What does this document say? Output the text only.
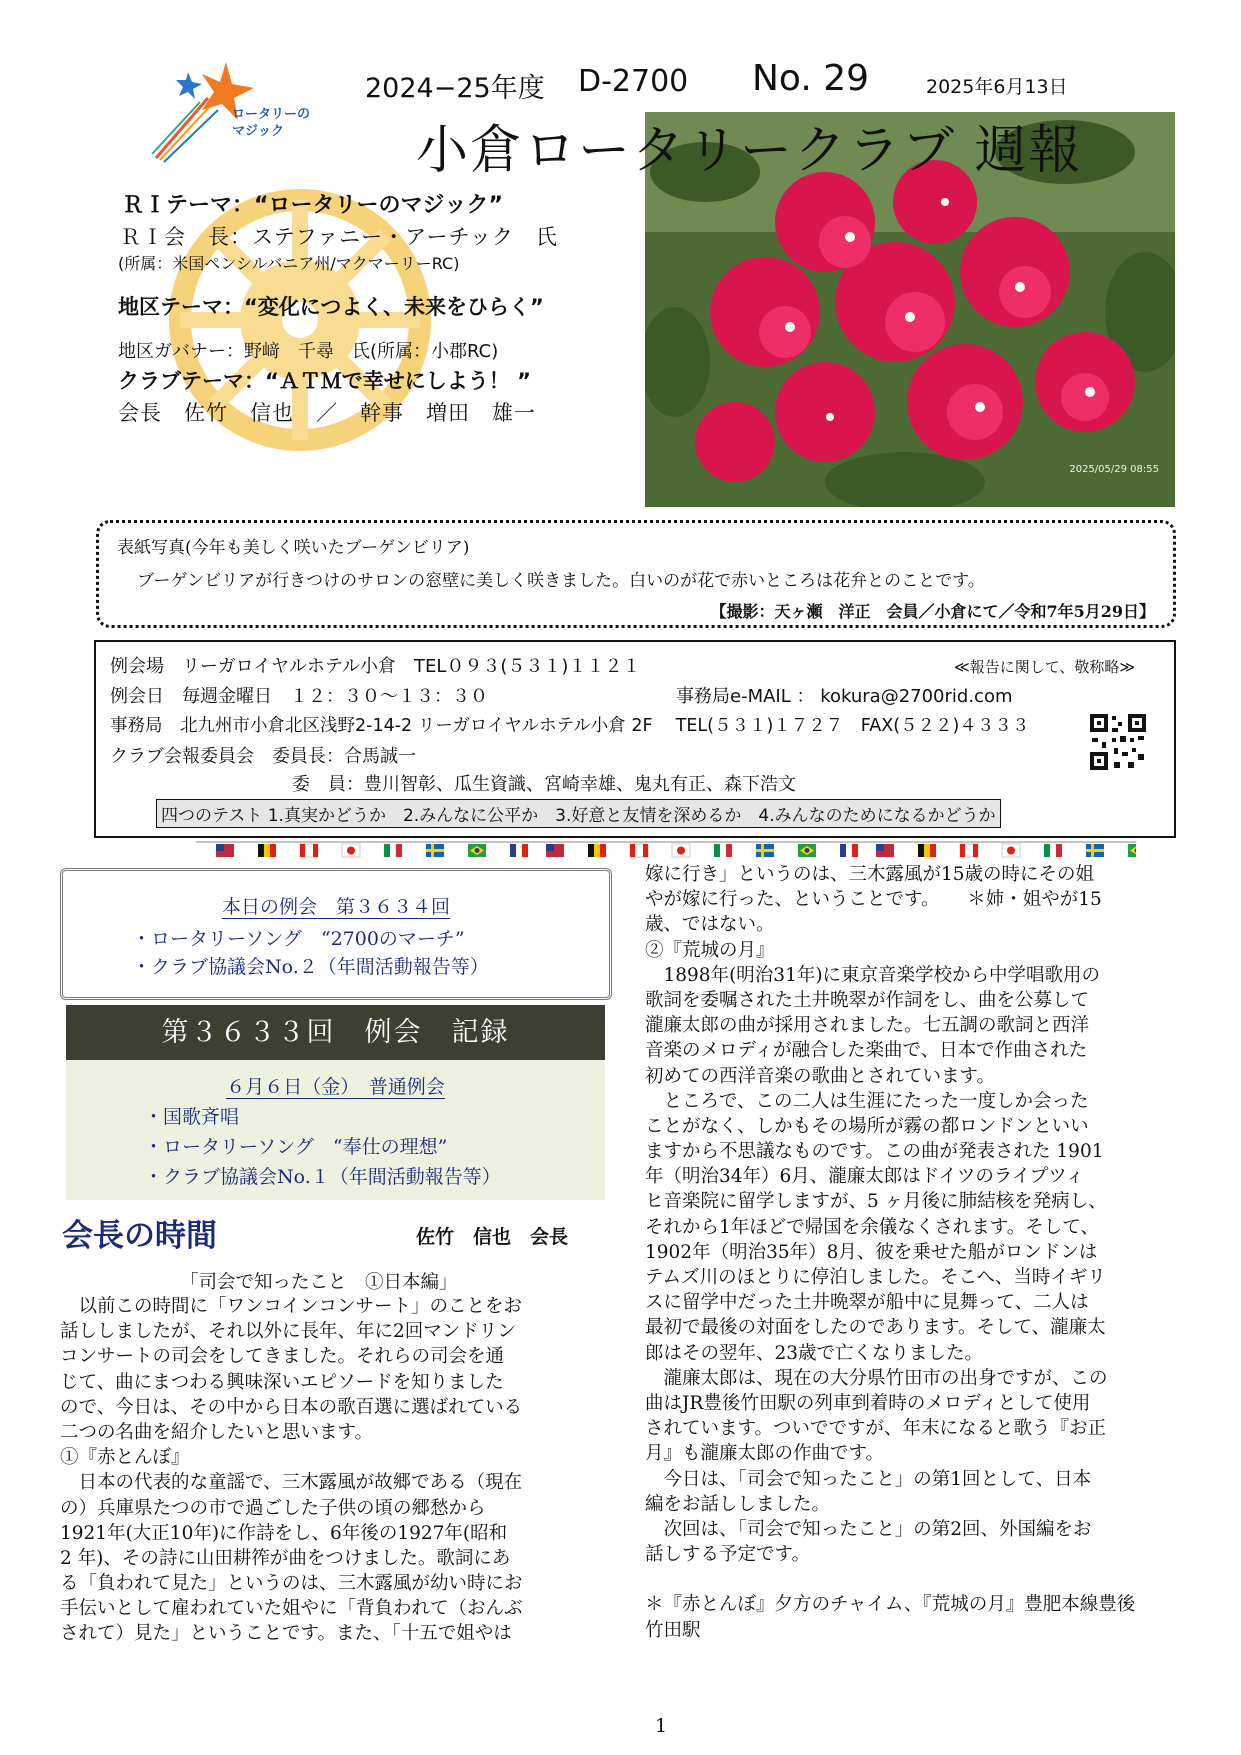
ロータリーの
マジック
2024−25年度 D-2700 No. 29	2025年6月13日
2025/05/29 08:55
小倉ロータリークラブ 週報
ＲＩテーマ：“ロータリーのマジック”
ＲＩ会　長：ステファニー・アーチック　氏
(所属：米国ペンシルバニア州/マクマーリーRC)
地区テーマ：“変化につよく、未来をひらく”
地区ガバナー：野﨑　千尋　氏(所属：小郡RC)
クラブテーマ：“ＡＴＭで幸せにしよう！ ”
会長　佐竹　信也　／　幹事　増田　雄一
表紙写真(今年も美しく咲いたブーゲンビリア)
ブーゲンビリアが行きつけのサロンの窓壁に美しく咲きました。白いのが花で赤いところは花弁とのことです。
【撮影：天ヶ瀬　洋正　会員／小倉にて／令和7年5月29日】
例会場　リーガロイヤルホテル小倉　TEL０９３(５３１)１１２１	≪報告に関して、敬称略≫
例会日　毎週金曜日　１２：３０～１３：３０	事務局e-MAIL ： kokura@2700rid.com
事務局　北九州市小倉北区浅野2-14-2 リーガロイヤルホテル小倉 2F　 TEL(５３１)１７２７　FAX(５２２)４３３３
クラブ会報委員会　委員長：合馬誠一
委　員：豊川智彰、瓜生資識、宮崎幸雄、鬼丸有正、森下浩文
四つのテスト 1.真実かどうか　2.みんなに公平か　3.好意と友情を深めるか　4.みんなのためになるかどうか
本日の例会　第３６３４回
・ロータリーソング　“2700のマーチ”
・クラブ協議会No.２（年間活動報告等）
第３６３３回　例会　記録
６月６日（金）　普通例会
・国歌斉唱
・ロータリーソング　“奉仕の理想”
・クラブ協議会No.１（年間活動報告等）
会長の時間	佐竹　信也　会長
「司会で知ったこと　①日本編」
　以前この時間に「ワンコインコンサート」のことをお
話ししましたが、それ以外に長年、年に2回マンドリン
コンサートの司会をしてきました。それらの司会を通
じて、曲にまつわる興味深いエピソードを知りました
ので、今日は、その中から日本の歌百選に選ばれている
二つの名曲を紹介したいと思います。
①『赤とんぼ』
　日本の代表的な童謡で、三木露風が故郷である（現在
の）兵庫県たつの市で過ごした子供の頃の郷愁から
1921年(大正10年)に作詩をし、6年後の1927年(昭和
2 年)、その詩に山田耕筰が曲をつけました。歌詞にあ
る「負われて見た」というのは、三木露風が幼い時にお
手伝いとして雇われていた姐やに「背負われて（おんぶ
されて）見た」ということです。また、「十五で姐やは
嫁に行き」というのは、三木露風が15歳の時にその姐
やが嫁に行った、ということです。　　＊姉・姐やが15
歳、ではない。
②『荒城の月』
　1898年(明治31年)に東京音楽学校から中学唱歌用の
歌詞を委嘱された土井晩翠が作詞をし、曲を公募して
瀧廉太郎の曲が採用されました。七五調の歌詞と西洋
音楽のメロディが融合した楽曲で、日本で作曲された
初めての西洋音楽の歌曲とされています。
　ところで、この二人は生涯にたった一度しか会った
ことがなく、しかもその場所が霧の都ロンドンといい
ますから不思議なものです。この曲が発表された 1901
年（明治34年）6月、瀧廉太郎はドイツのライプツィ
ヒ音楽院に留学しますが、5 ヶ月後に肺結核を発病し、
それから1年ほどで帰国を余儀なくされます。そして、
1902年（明治35年）8月、彼を乗せた船がロンドンは
テムズ川のほとりに停泊しました。そこへ、当時イギリ
スに留学中だった土井晩翠が船中に見舞って、二人は
最初で最後の対面をしたのであります。そして、瀧廉太
郎はその翌年、23歳で亡くなりました。
　瀧廉太郎は、現在の大分県竹田市の出身ですが、この
曲はJR豊後竹田駅の列車到着時のメロディとして使用
されています。ついでですが、年末になると歌う『お正
月』も瀧廉太郎の作曲です。
　今日は、「司会で知ったこと」の第1回として、日本
編をお話ししました。
　次回は、「司会で知ったこと」の第2回、外国編をお
話しする予定です。
＊『赤とんぼ』夕方のチャイム、『荒城の月』豊肥本線豊後
竹田駅
1
